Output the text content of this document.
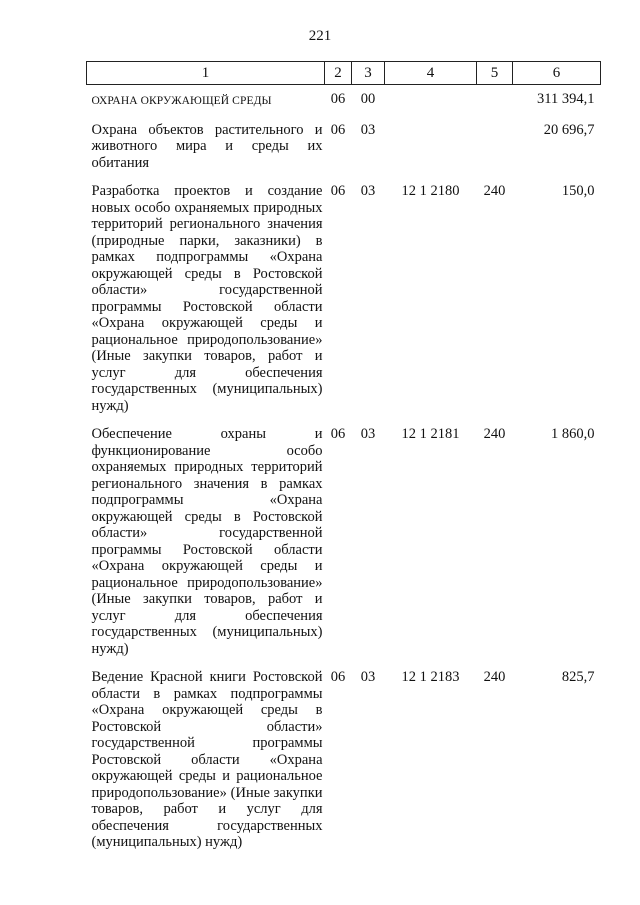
221
1	2	3	4	5	6
ОХРАНА ОКРУЖАЮЩЕЙ СРЕДЫ	06	00			311 394,1
Охрана объектов растительного и животного мира и среды их обитания	06	03			20 696,7
Разработка проектов и создание новых особо охраняемых природных территорий регионального значения (природные парки, заказники) в рамках подпрограммы «Охрана окружающей среды в Ростовской области» государственной программы Ростовской области «Охрана окружающей среды и рациональное природопользование» (Иные закупки товаров, работ и услуг для обеспечения государственных (муниципальных) нужд)	06	03	12 1 2180	240	150,0
Обеспечение охраны и функционирование особо охраняемых природных территорий регионального значения в рамках подпрограммы «Охрана окружающей среды в Ростовской области» государственной программы Ростовской области «Охрана окружающей среды и рациональное природопользование» (Иные закупки товаров, работ и услуг для обеспечения государственных (муниципальных) нужд)	06	03	12 1 2181	240	1 860,0
Ведение Красной книги Ростовской области в рамках подпрограммы «Охрана окружающей среды в Ростовской области» государственной программы Ростовской области «Охрана окружающей среды и рациональное природопользование» (Иные закупки товаров, работ и услуг для обеспечения государственных (муниципальных) нужд)	06	03	12 1 2183	240	825,7
